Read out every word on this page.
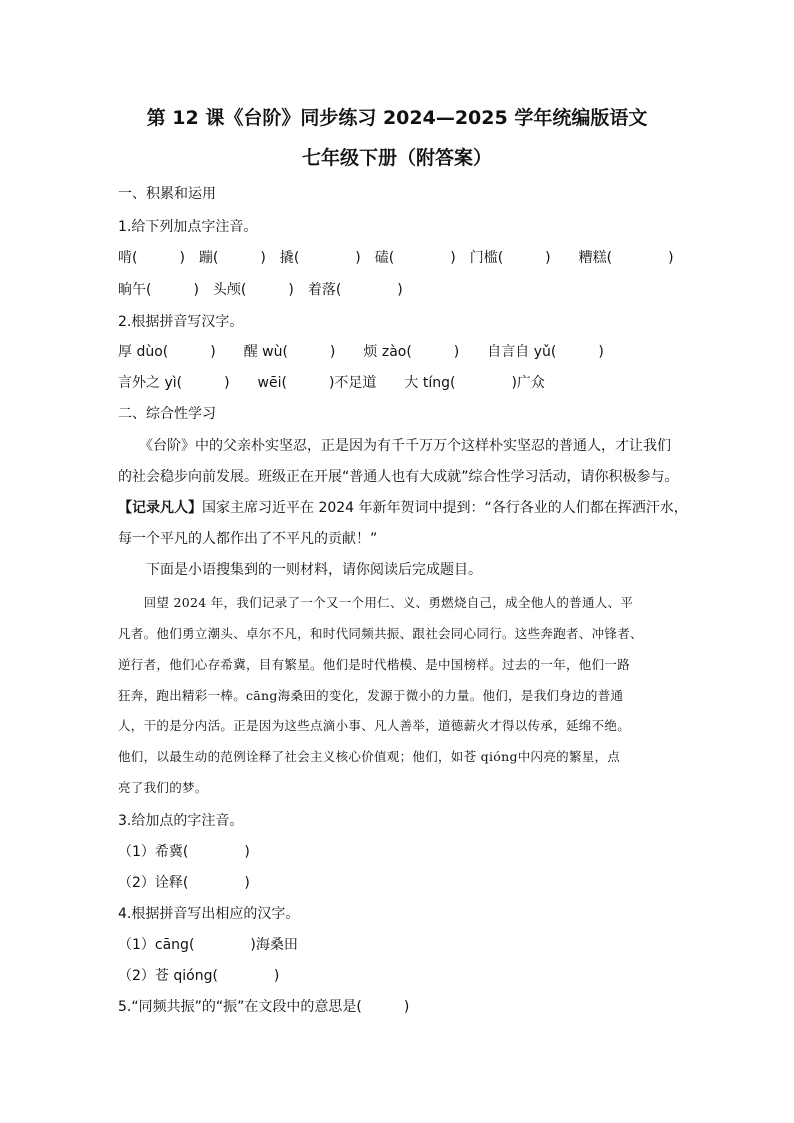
第 12 课《台阶》同步练习 2024—2025 学年统编版语文
七年级下册（附答案）
一、积累和运用
1.给下列加点字注音。
啃(　　　)　蹦(　　　)　撬(　　　　)　磕(　　　　)　门槛(　　　)　　糟糕(　　　　)
晌午(　　　)　头颅(　　　)　着落(　　　　)
2.根据拼音写汉字。
厚 dùo(　　　)　　醒 wù(　　　)　　烦 zào(　　　)　　自言自 yǔ(　　　)
言外之 yì(　　　)　　wēi(　　　)不足道　　大 tíng(　　　　)广众
二、综合性学习
　　《台阶》中的父亲朴实坚忍，正是因为有千千万万个这样朴实坚忍的普通人，才让我们
的社会稳步向前发展。班级正在开展“普通人也有大成就”综合性学习活动，请你积极参与。
【记录凡人】国家主席习近平在 2024 年新年贺词中提到：“各行各业的人们都在挥洒汗水，
每一个平凡的人都作出了不平凡的贡献！”
　　下面是小语搜集到的一则材料，请你阅读后完成题目。
　　回望 2024 年，我们记录了一个又一个用仁、义、勇燃烧自己，成全他人的普通人、平
凡者。他们勇立潮头、卓尔不凡，和时代同频共振、跟社会同心同行。这些奔跑者、冲锋者、
逆行者，他们心存希冀，目有繁星。他们是时代楷模、是中国榜样。过去的一年，他们一路
狂奔，跑出精彩一棒。cāng海桑田的变化，发源于微小的力量。他们，是我们身边的普通
人，干的是分内活。正是因为这些点滴小事、凡人善举，道德薪火才得以传承，延绵不绝。
他们，以最生动的范例诠释了社会主义核心价值观；他们，如苍 qióng中闪亮的繁星，点
亮了我们的梦。
3.给加点的字注音。
（1）希冀(　　　　)
（2）诠释(　　　　)
4.根据拼音写出相应的汉字。
（1）cāng(　　　　)海桑田
（2）苍 qióng(　　　　)
5.“同频共振”的“振”在文段中的意思是(　　　)
